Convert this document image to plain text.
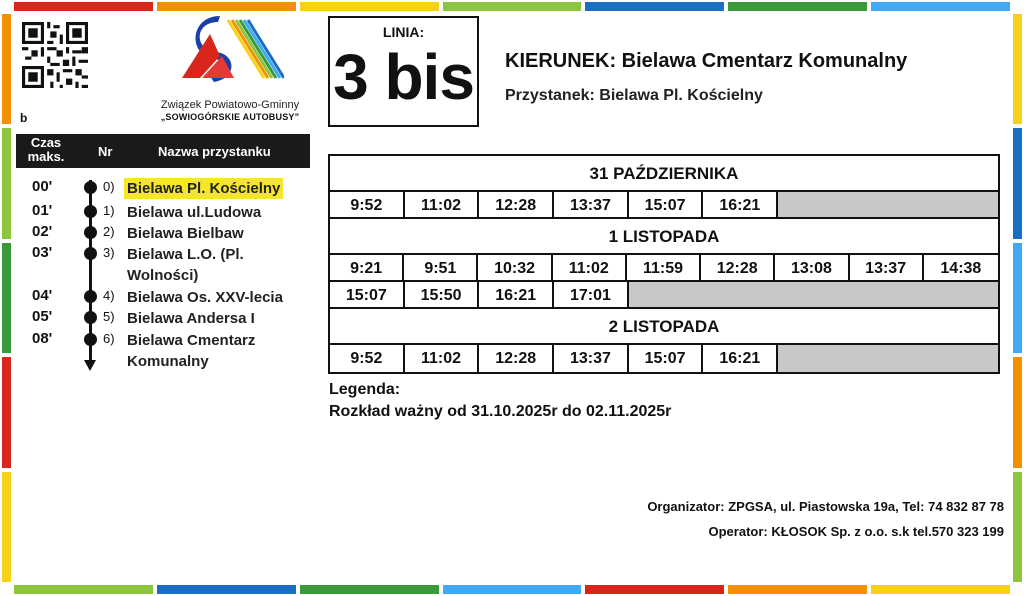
b
Związek Powiatowo-Gminny
„SOWIOGÓRSKIE AUTOBUSY”
Czas maks.	Nr	Nazwa przystanku
00'	0) Bielawa Pl. Kościelny
01'	1) Bielawa ul.Ludowa
02'	2) Bielawa Bielbaw
03'	3) Bielawa L.O. (Pl. Wolności)
04'	4) Bielawa Os. XXV-lecia
05'	5) Bielawa Andersa I
08'	6) Bielawa Cmentarz Komunalny
LINIA:
3 bis KIERUNEK: Bielawa Cmentarz Komunalny
Przystanek: Bielawa Pl. Kościelny
31 PAŹDZIERNIKA
9:52	11:02	12:28	13:37	15:07	16:21
1 LISTOPADA
9:21	9:51	10:32	11:02	11:59	12:28	13:08	13:37	14:38
15:07	15:50	16:21	17:01
2 LISTOPADA
9:52	11:02	12:28	13:37	15:07	16:21
Legenda:
Rozkład ważny od 31.10.2025r do 02.11.2025r
Organizator: ZPGSA, ul. Piastowska 19a, Tel: 74 832 87 78
Operator: KŁOSOK Sp. z o.o. s.k tel.570 323 199
